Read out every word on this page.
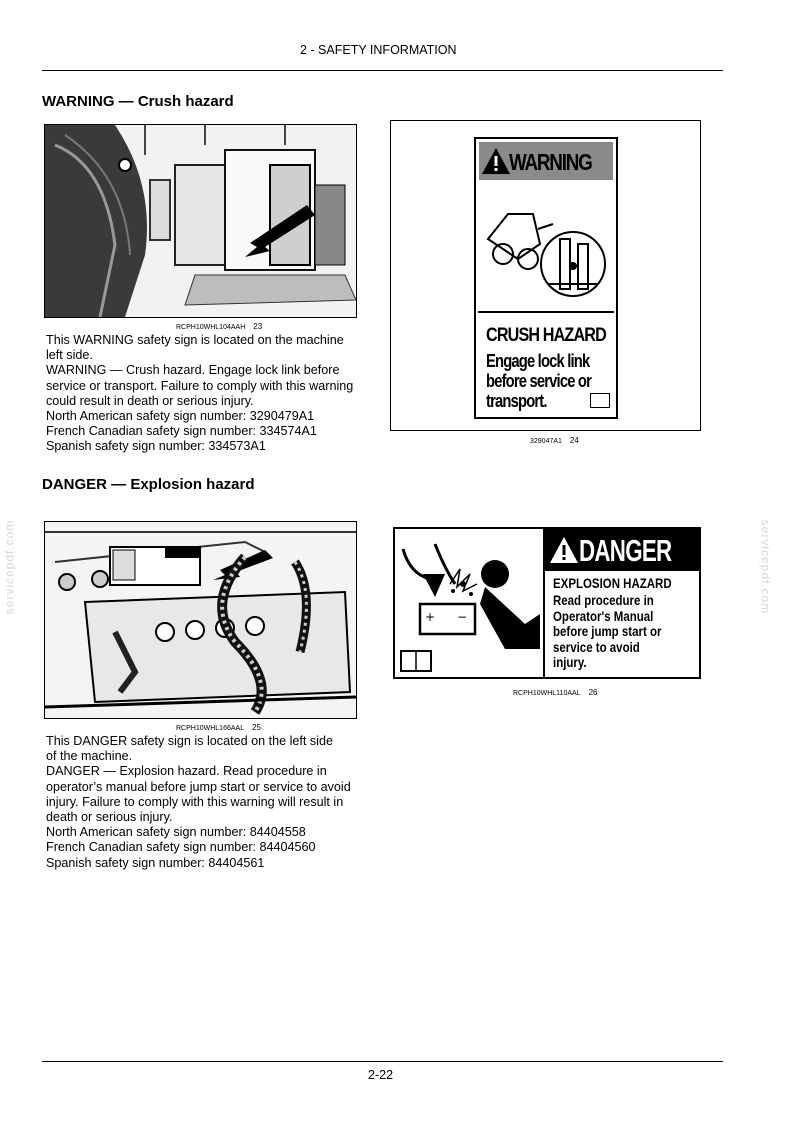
2 - SAFETY INFORMATION
servicepdf.com	servicepdf.com
WARNING — Crush hazard
RCPH10WHL104AAH 23
This WARNING safety sign is located on the machine
left side.
WARNING — Crush hazard. Engage lock link before
service or transport. Failure to comply with this warning
could result in death or serious injury.
North American safety sign number: 3290479A1
French Canadian safety sign number: 334574A1
Spanish safety sign number: 334573A1
WARNING
CRUSH HAZARD
Engage lock link
before service or
transport.
329047A1 24
DANGER — Explosion hazard
RCPH10WHL166AAL 25
This DANGER safety sign is located on the left side
of the machine.
DANGER — Explosion hazard. Read procedure in
operator’s manual before jump start or service to avoid
injury. Failure to comply with this warning will result in
death or serious injury.
North American safety sign number: 84404558
French Canadian safety sign number: 84404560
Spanish safety sign number: 84404561
+ −
DANGER
EXPLOSION HAZARD
Read procedure in
Operator's Manual
before jump start or
service to avoid
injury.
RCPH10WHL110AAL 26
2-22
